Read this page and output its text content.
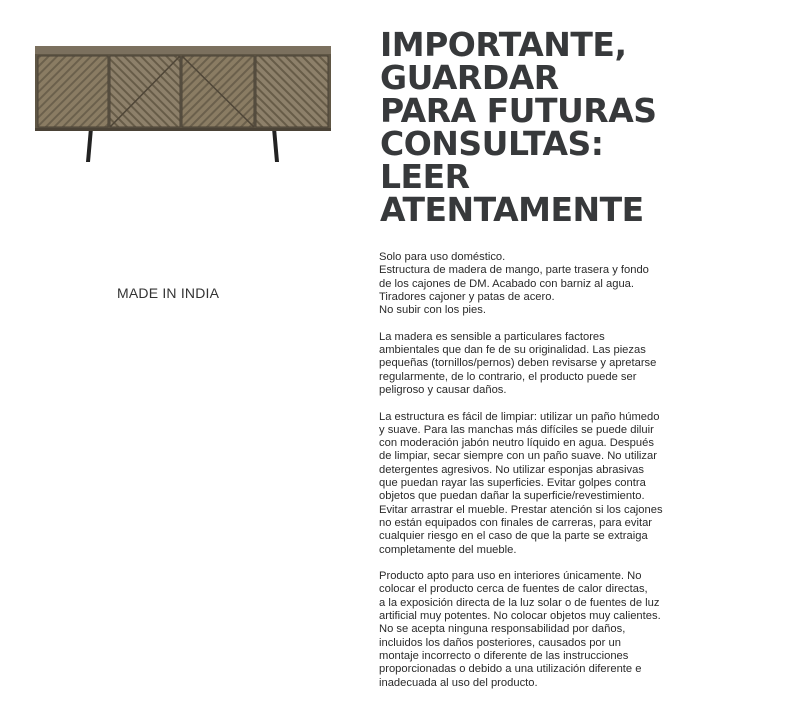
MADE IN INDIA
IMPORTANTE,
GUARDAR
PARA FUTURAS
CONSULTAS:
LEER
ATENTAMENTE

Solo para uso doméstico.
Estructura de madera de mango, parte trasera y fondo
de los cajones de DM. Acabado con barniz al agua.
Tiradores cajoner y patas de acero.
No subir con los pies.

La madera es sensible a particulares factores
ambientales que dan fe de su originalidad. Las piezas
pequeñas (tornillos/pernos) deben revisarse y apretarse
regularmente, de lo contrario, el producto puede ser
peligroso y causar daños.

La estructura es fácil de limpiar: utilizar un paño húmedo
y suave. Para las manchas más difíciles se puede diluir
con moderación jabón neutro líquido en agua. Después
de limpiar, secar siempre con un paño suave. No utilizar
detergentes agresivos. No utilizar esponjas abrasivas
que puedan rayar las superficies. Evitar golpes contra
objetos que puedan dañar la superficie/revestimiento.
Evitar arrastrar el mueble. Prestar atención si los cajones
no están equipados con finales de carreras, para evitar
cualquier riesgo en el caso de que la parte se extraiga
completamente del mueble.

Producto apto para uso en interiores únicamente. No
colocar el producto cerca de fuentes de calor directas,
a la exposición directa de la luz solar o de fuentes de luz
artificial muy potentes. No colocar objetos muy calientes.
No se acepta ninguna responsabilidad por daños,
incluidos los daños posteriores, causados por un
montaje incorrecto o diferente de las instrucciones
proporcionadas o debido a una utilización diferente e
inadecuada al uso del producto.
